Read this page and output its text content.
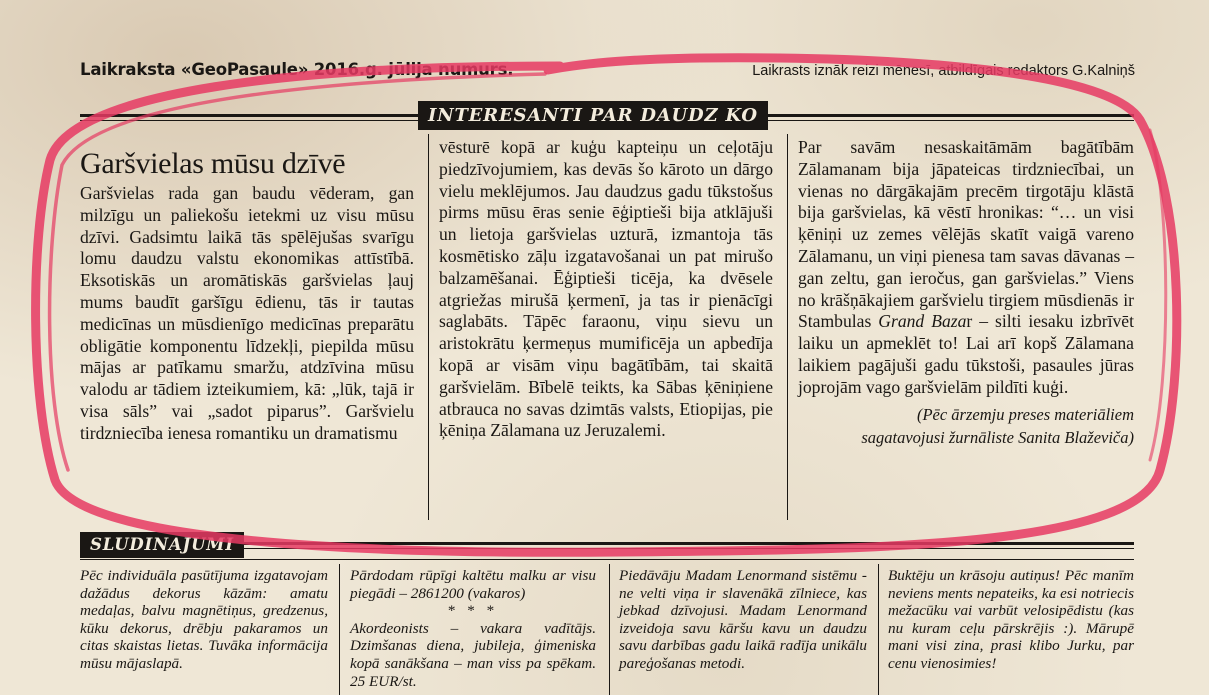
Laikraksta «GeoPasaule» 2016.g. jūlija numurs.	Laikrasts iznāk reizi mēnesī, atbildīgais redaktors G.Kalniņš
INTERESANTI PAR DAUDZ KO
Garšvielas mūsu dzīvē

Garšvielas rada gan baudu vēderam, gan milzīgu un paliekošu ietekmi uz visu mūsu dzīvi. Gadsimtu laikā tās spēlējušas svarīgu lomu daudzu valstu ekonomikas attīstībā. Eksotiskās un aromātiskās garšvielas ļauj mums baudīt garšīgu ēdienu, tās ir tautas medicīnas un mūsdienīgo medicīnas preparātu obligātie komponentu līdzekļi, piepilda mūsu mājas ar patīkamu smaržu, atdzīvina mūsu valodu ar tādiem izteikumiem, kā: „lūk, tajā ir visa sāls” vai „sadot piparus”. Garšvielu tirdzniecība ienesa romantiku un dramatismu

vēsturē kopā ar kuģu kapteiņu un ceļotāju piedzīvojumiem, kas devās šo kāroto un dārgo vielu meklējumos. Jau daudzus gadu tūkstošus pirms mūsu ēras senie ēģiptieši bija atklājuši un lietoja garšvielas uzturā, izmantoja tās kosmētisko zāļu izgatavošanai un pat mirušo balzamēšanai. Ēģiptieši ticēja, ka dvēsele atgriežas mirušā ķermenī, ja tas ir pienācīgi saglabāts. Tāpēc faraonu, viņu sievu un aristokrātu ķermeņus mumificēja un apbedīja kopā ar visām viņu bagātībām, tai skaitā garšvielām. Bībelē teikts, ka Sābas ķēniņiene atbrauca no savas dzimtās valsts, Etiopijas, pie ķēniņa Zālamana uz Jeruzalemi.

Par savām nesaskaitāmām bagātībām Zālamanam bija jāpateicas tirdzniecībai, un vienas no dārgākajām precēm tirgotāju klāstā bija garšvielas, kā vēstī hronikas: “… un visi ķēniņi uz zemes vēlējās skatīt vaigā vareno Zālamanu, un viņi pienesa tam savas dāvanas – gan zeltu, gan ieročus, gan garšvielas.” Viens no krāšņākajiem garšvielu tirgiem mūsdienās ir Stambulas Grand Bazar – silti iesaku izbrīvēt laiku un apmeklēt to! Lai arī kopš Zālamana laikiem pagājuši gadu tūkstoši, pasaules jūras joprojām vago garšvielām pildīti kuģi.

(Pēc ārzemju preses materiāliem
sagatavojusi žurnāliste Sanita Blaževiča)
SLUDINAJUMI

Pēc individuāla pasūtījuma izgatavojam dažādus dekorus kāzām: amatu medaļas, balvu magnētiņus, gredzenus, kūku dekorus, drēbju pakaramos un citas skaistas lietas. Tuvāka informācija mūsu mājaslapā.

Pārdodam rūpīgi kaltētu malku ar visu piegādi – 2861200 (vakaros)

* * *

Akordeonists – vakara vadītājs. Dzimšanas diena, jubileja, ģimeniska kopā sanākšana – man viss pa spēkam. 25 EUR/st.

Piedāvāju Madam Lenormand sistēmu - ne velti viņa ir slavenākā zīlniece, kas jebkad dzīvojusi. Madam Lenormand izveidoja savu kāršu kavu un daudzu savu darbības gadu laikā radīja unikālu pareģošanas metodi.

Buktēju un krāsoju autiņus! Pēc manīm neviens ments nepateiks, ka esi notriecis mežacūku vai varbūt velosipēdistu (kas nu kuram ceļu pārskrējis :). Mārupē mani visi zina, prasi klibo Jurku, par cenu vienosimies!
